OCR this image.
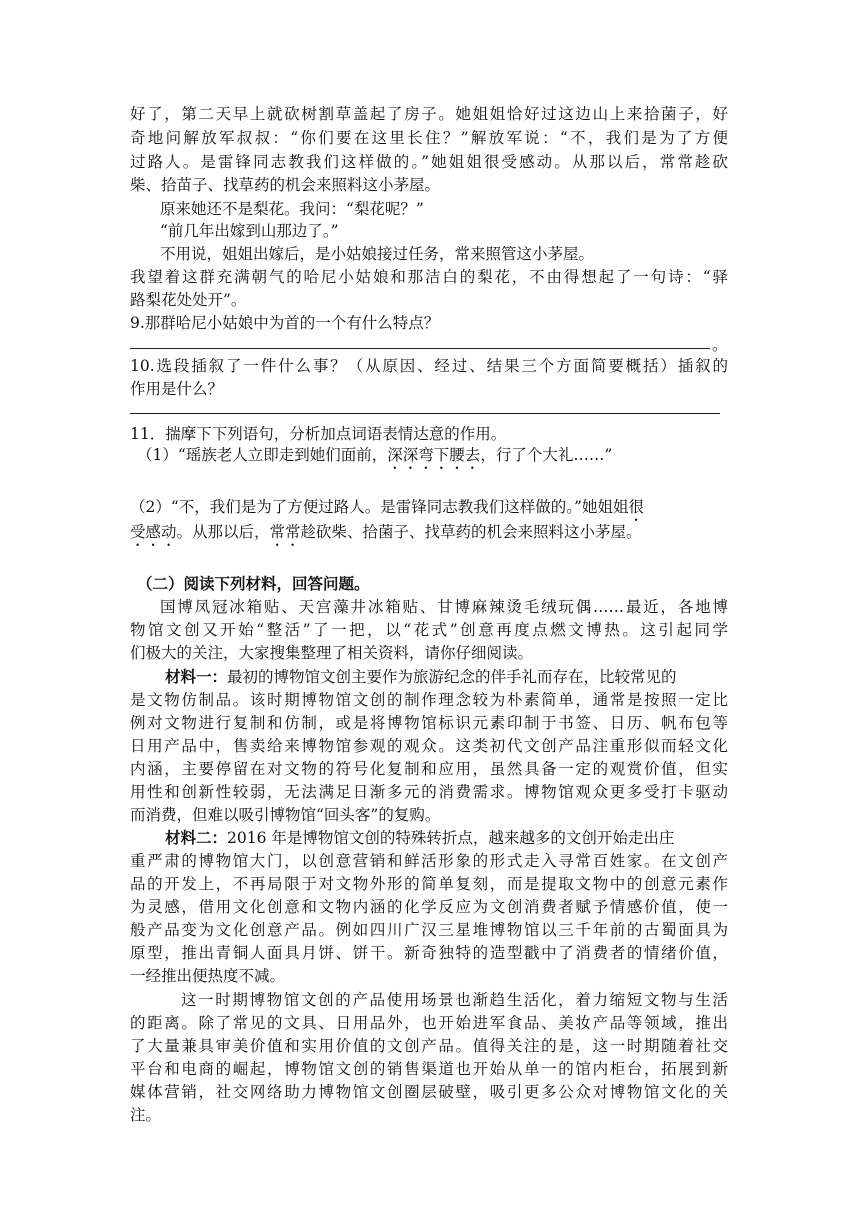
好了，第二天早上就砍树割草盖起了房子。她姐姐恰好过这边山上来拾菌子，好
奇地问解放军叔叔：“你们要在这里长住？”解放军说：“不，我们是为了方便
过路人。是雷锋同志教我们这样做的。”她姐姐很受感动。从那以后，常常趁砍
柴、拾苗子、找草药的机会来照料这小茅屋。
原来她还不是梨花。我问：“梨花呢？”
“前几年出嫁到山那边了。”
不用说，姐姐出嫁后，是小姑娘接过任务，常来照管这小茅屋。
我望着这群充满朝气的哈尼小姑娘和那洁白的梨花，不由得想起了一句诗：“驿
路梨花处处开”。
9.那群哈尼小姑娘中为首的一个有什么特点？
。
10.选段插叙了一件什么事？（从原因、经过、结果三个方面简要概括）插叙的
作用是什么？
11．揣摩下下列语句，分析加点词语表情达意的作用。
（1）“瑶族老人立即走到她们面前，深深弯下腰去，行了个大礼……”
（2）“不，我们是为了方便过路人。是雷锋同志教我们这样做的。”她姐姐很
受感动。从那以后，常常趁砍柴、拾菌子、找草药的机会来照料这小茅屋。
（二）阅读下列材料，回答问题。
国博凤冠冰箱贴、天宫藻井冰箱贴、甘博麻辣烫毛绒玩偶……最近，各地博
物馆文创又开始“整活”了一把，以“花式”创意再度点燃文博热。这引起同学
们极大的关注，大家搜集整理了相关资料，请你仔细阅读。
材料一：最初的博物馆文创主要作为旅游纪念的伴手礼而存在，比较常见的
是文物仿制品。该时期博物馆文创的制作理念较为朴素简单，通常是按照一定比
例对文物进行复制和仿制，或是将博物馆标识元素印制于书签、日历、帆布包等
日用产品中，售卖给来博物馆参观的观众。这类初代文创产品注重形似而轻文化
内涵，主要停留在对文物的符号化复制和应用，虽然具备一定的观赏价值，但实
用性和创新性较弱，无法满足日渐多元的消费需求。博物馆观众更多受打卡驱动
而消费，但难以吸引博物馆“回头客”的复购。
材料二：2016 年是博物馆文创的特殊转折点，越来越多的文创开始走出庄
重严肃的博物馆大门，以创意营销和鲜活形象的形式走入寻常百姓家。在文创产
品的开发上，不再局限于对文物外形的简单复刻，而是提取文物中的创意元素作
为灵感，借用文化创意和文物内涵的化学反应为文创消费者赋予情感价值，使一
般产品变为文化创意产品。例如四川广汉三星堆博物馆以三千年前的古蜀面具为
原型，推出青铜人面具月饼、饼干。新奇独特的造型戳中了消费者的情绪价值，
一经推出便热度不减。
这一时期博物馆文创的产品使用场景也渐趋生活化，着力缩短文物与生活
的距离。除了常见的文具、日用品外，也开始进军食品、美妆产品等领域，推出
了大量兼具审美价值和实用价值的文创产品。值得关注的是，这一时期随着社交
平台和电商的崛起，博物馆文创的销售渠道也开始从单一的馆内柜台，拓展到新
媒体营销，社交网络助力博物馆文创圈层破壁，吸引更多公众对博物馆文化的关
注。
